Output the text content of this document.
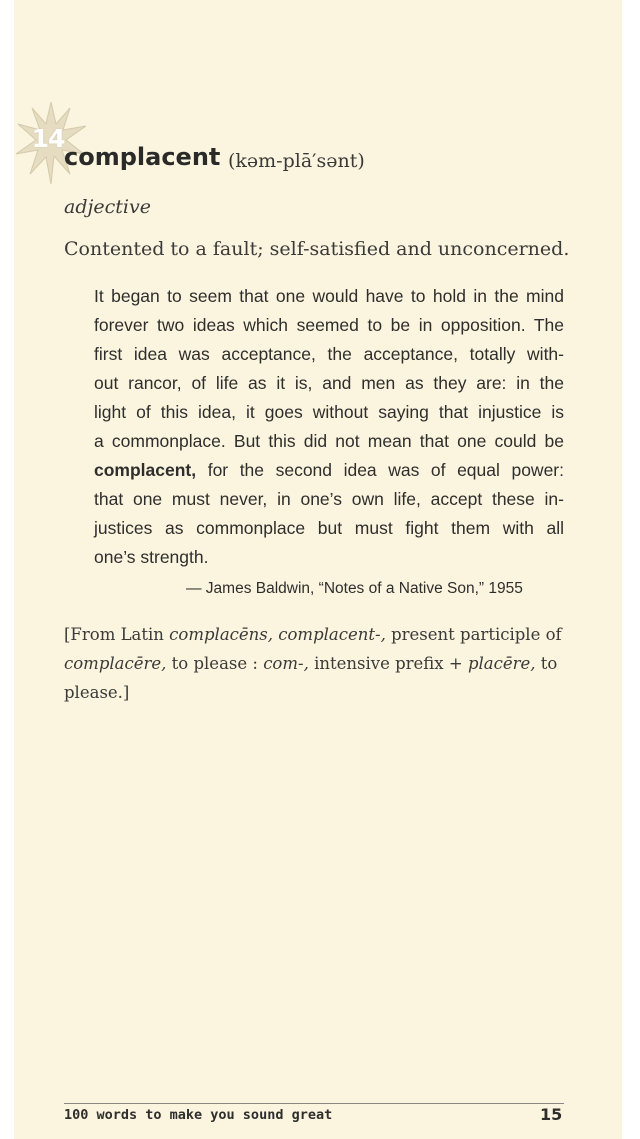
14
complacent (kəm-plā′sənt)
adjective
Contented to a fault; self-satisfied and unconcerned.
It began to seem that one would have to hold in the mind
forever two ideas which seemed to be in opposition. The
first idea was acceptance, the acceptance, totally with-
out rancor, of life as it is, and men as they are: in the
light of this idea, it goes without saying that injustice is
a commonplace. But this did not mean that one could be
complacent, for the second idea was of equal power:
that one must never, in one’s own life, accept these in-
justices as commonplace but must fight them with all
one’s strength.
— James Baldwin, “Notes of a Native Son,” 1955
[From Latin complacēns, complacent-, present participle of
complacēre, to please : com-, intensive prefix + placēre, to
please.]
100 words to make you sound great	15
